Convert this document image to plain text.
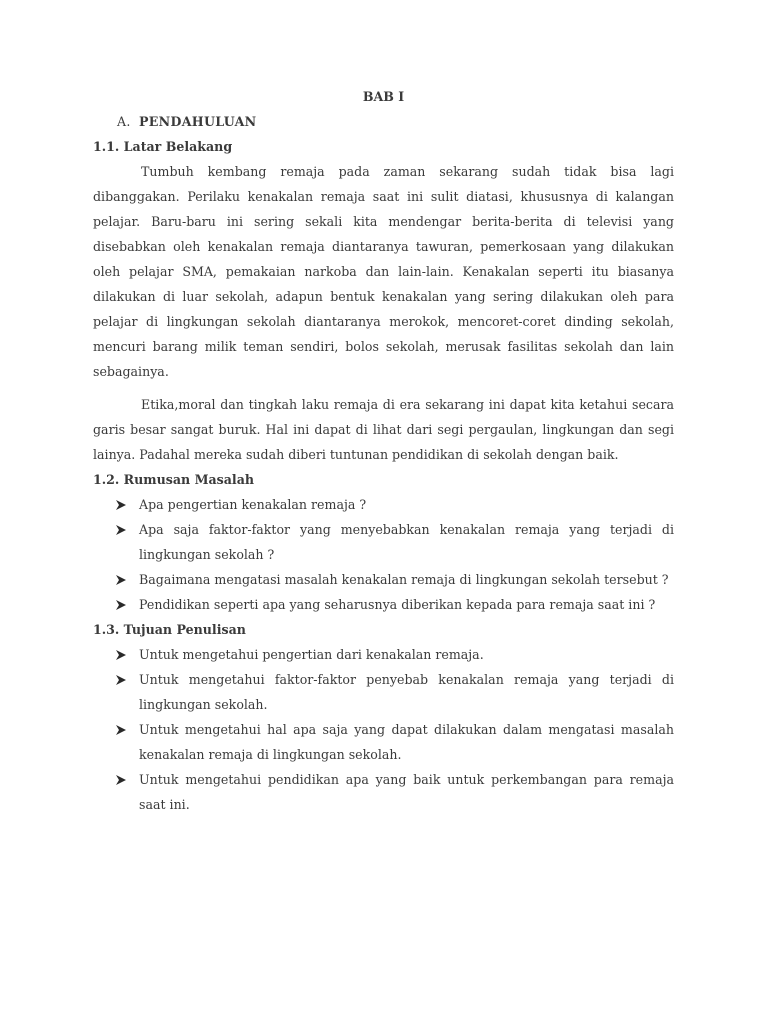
BAB I

A. PENDAHULUAN

1.1. Latar Belakang

Tumbuh kembang remaja pada zaman sekarang sudah tidak bisa lagi dibanggakan. Perilaku kenakalan remaja saat ini sulit diatasi, khususnya di kalangan pelajar. Baru-baru ini sering sekali kita mendengar berita-berita di televisi yang disebabkan oleh kenakalan remaja diantaranya tawuran, pemerkosaan yang dilakukan oleh pelajar SMA, pemakaian narkoba dan lain-lain. Kenakalan seperti itu biasanya dilakukan di luar sekolah, adapun bentuk kenakalan yang sering dilakukan oleh para pelajar di lingkungan sekolah diantaranya merokok, mencoret-coret dinding sekolah, mencuri barang milik teman sendiri, bolos sekolah, merusak fasilitas sekolah dan lain sebagainya.

Etika,moral dan tingkah laku remaja di era sekarang ini dapat kita ketahui secara garis besar sangat buruk. Hal ini dapat di lihat dari segi pergaulan, lingkungan dan segi lainya. Padahal mereka sudah diberi tuntunan pendidikan di sekolah dengan baik.

1.2. Rumusan Masalah

Apa pengertian kenakalan remaja ?
Apa saja faktor-faktor yang menyebabkan kenakalan remaja yang terjadi di lingkungan sekolah ?
Bagaimana mengatasi masalah kenakalan remaja di lingkungan sekolah tersebut ?
Pendidikan seperti apa yang seharusnya diberikan kepada para remaja saat ini ?

1.3. Tujuan Penulisan

Untuk mengetahui pengertian dari kenakalan remaja.
Untuk mengetahui faktor-faktor penyebab kenakalan remaja yang terjadi di lingkungan sekolah.
Untuk mengetahui hal apa saja yang dapat dilakukan dalam mengatasi masalah kenakalan remaja di lingkungan sekolah.
Untuk mengetahui pendidikan apa yang baik untuk perkembangan para remaja saat ini.
